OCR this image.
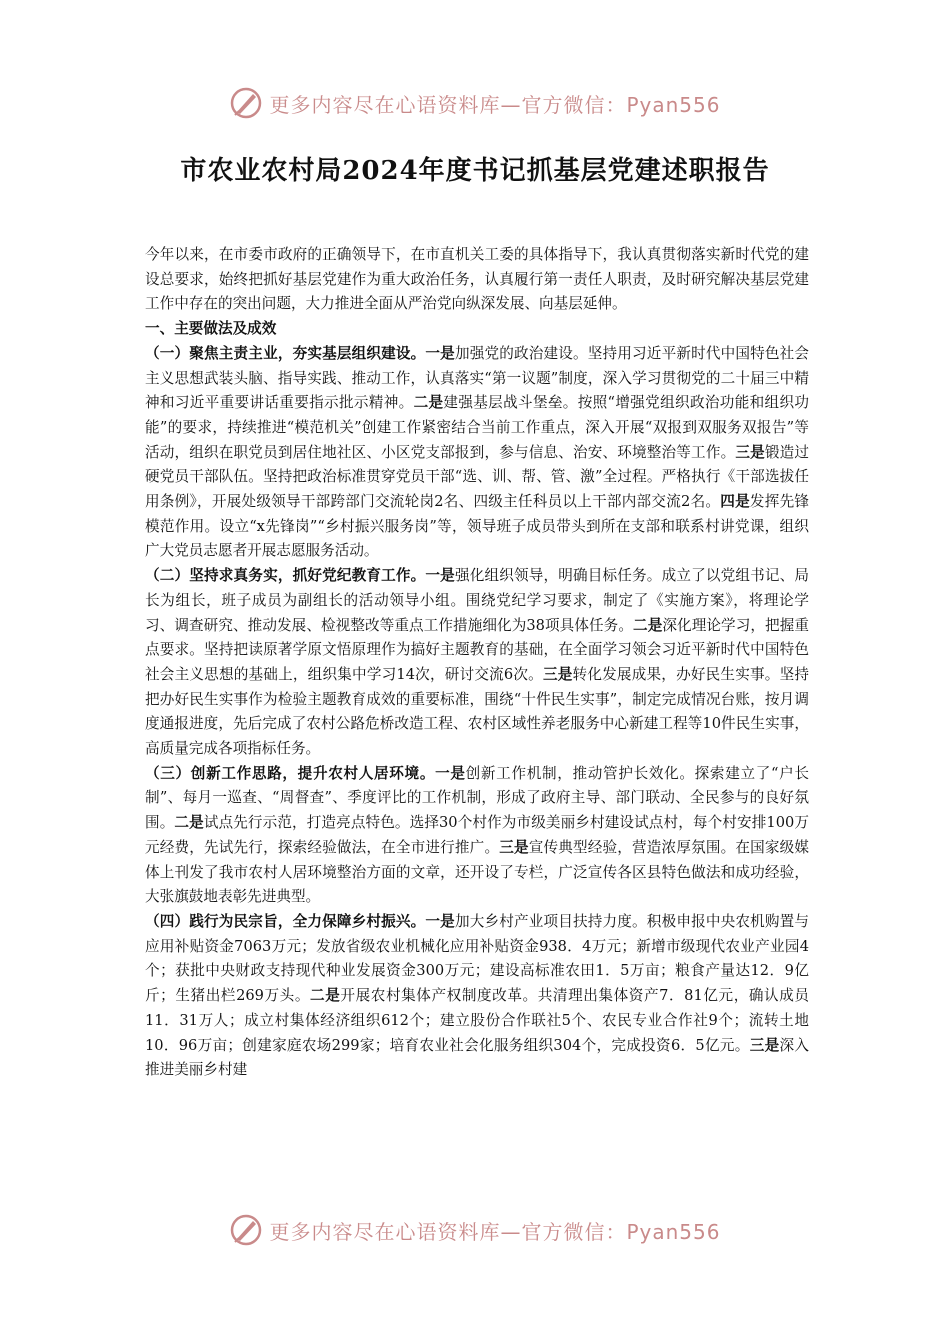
更多内容尽在心语资料库—官方微信：Pyan556
市农业农村局2024年度书记抓基层党建述职报告

今年以来，在市委市政府的正确领导下，在市直机关工委的具体指导下，我认真贯彻落实新时代党的建设总要求，始终把抓好基层党建作为重大政治任务，认真履行第一责任人职责，及时研究解决基层党建工作中存在的突出问题，大力推进全面从严治党向纵深发展、向基层延伸。

一、主要做法及成效

（一）聚焦主责主业，夯实基层组织建设。一是加强党的政治建设。坚持用习近平新时代中国特色社会主义思想武装头脑、指导实践、推动工作，认真落实“第一议题”制度，深入学习贯彻党的二十届三中精神和习近平重要讲话重要指示批示精神。二是建强基层战斗堡垒。按照“增强党组织政治功能和组织功能”的要求，持续推进“模范机关”创建工作紧密结合当前工作重点，深入开展“双报到双服务双报告”等活动，组织在职党员到居住地社区、小区党支部报到，参与信息、治安、环境整治等工作。三是锻造过硬党员干部队伍。坚持把政治标准贯穿党员干部“选、训、帮、管、激”全过程。严格执行《干部选拔任用条例》，开展处级领导干部跨部门交流轮岗2名、四级主任科员以上干部内部交流2名。四是发挥先锋模范作用。设立“x先锋岗”“乡村振兴服务岗”等，领导班子成员带头到所在支部和联系村讲党课，组织广大党员志愿者开展志愿服务活动。

（二）坚持求真务实，抓好党纪教育工作。一是强化组织领导，明确目标任务。成立了以党组书记、局长为组长，班子成员为副组长的活动领导小组。围绕党纪学习要求，制定了《实施方案》，将理论学习、调查研究、推动发展、检视整改等重点工作措施细化为38项具体任务。二是深化理论学习，把握重点要求。坚持把读原著学原文悟原理作为搞好主题教育的基础，在全面学习领会习近平新时代中国特色社会主义思想的基础上，组织集中学习14次，研讨交流6次。三是转化发展成果，办好民生实事。坚持把办好民生实事作为检验主题教育成效的重要标准，围绕“十件民生实事”，制定完成情况台账，按月调度通报进度，先后完成了农村公路危桥改造工程、农村区域性养老服务中心新建工程等10件民生实事，高质量完成各项指标任务。

（三）创新工作思路，提升农村人居环境。一是创新工作机制，推动管护长效化。探索建立了“户长制”、每月一巡查、“周督查”、季度评比的工作机制，形成了政府主导、部门联动、全民参与的良好氛围。二是试点先行示范，打造亮点特色。选择30个村作为市级美丽乡村建设试点村，每个村安排100万元经费，先试先行，探索经验做法，在全市进行推广。三是宣传典型经验，营造浓厚氛围。在国家级媒体上刊发了我市农村人居环境整治方面的文章，还开设了专栏，广泛宣传各区县特色做法和成功经验，大张旗鼓地表彰先进典型。

（四）践行为民宗旨，全力保障乡村振兴。一是加大乡村产业项目扶持力度。积极申报中央农机购置与应用补贴资金7063万元；发放省级农业机械化应用补贴资金938．4万元；新增市级现代农业产业园4个；获批中央财政支持现代种业发展资金300万元；建设高标准农田1．5万亩；粮食产量达12．9亿斤；生猪出栏269万头。二是开展农村集体产权制度改革。共清理出集体资产7．81亿元，确认成员11．31万人；成立村集体经济组织612个；建立股份合作联社5个、农民专业合作社9个；流转土地10．96万亩；创建家庭农场299家；培育农业社会化服务组织304个，完成投资6．5亿元。三是深入推进美丽乡村建

更多内容尽在心语资料库—官方微信：Pyan556
